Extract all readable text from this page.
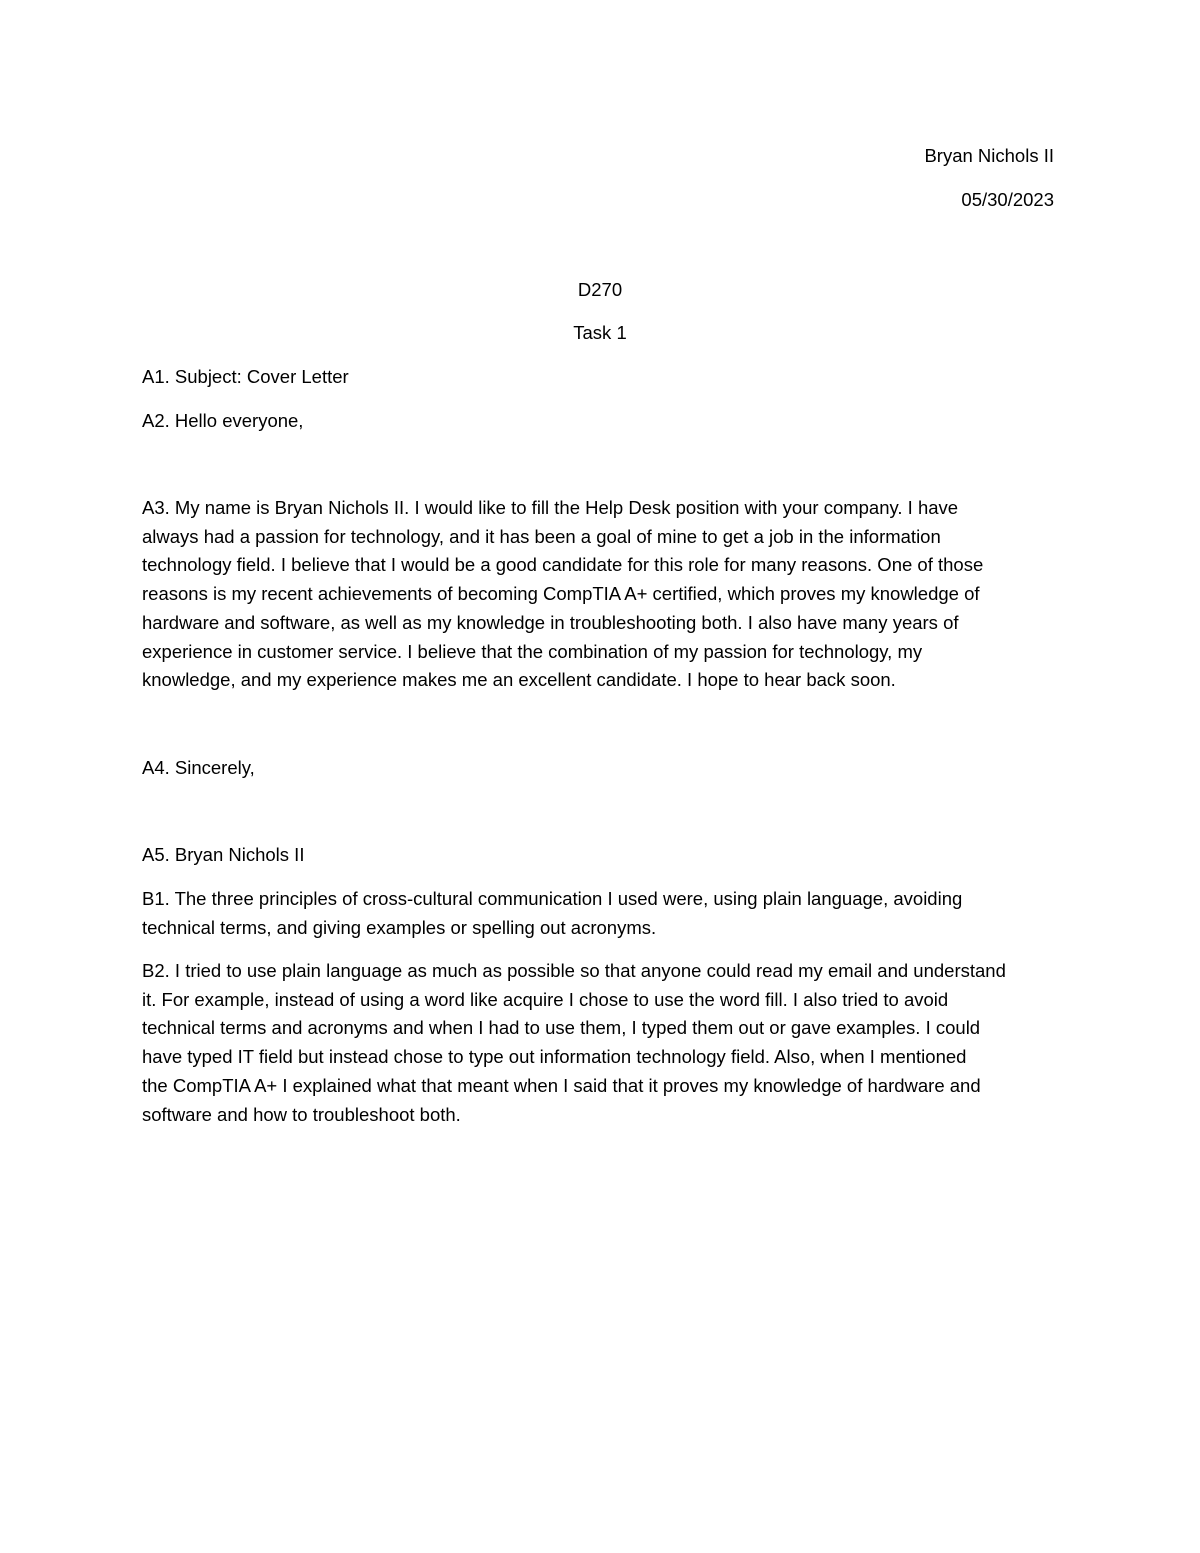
Bryan Nichols II

05/30/2023

D270

Task 1

A1. Subject: Cover Letter

A2. Hello everyone,

A3. My name is Bryan Nichols II. I would like to fill the Help Desk position with your company. I have
always had a passion for technology, and it has been a goal of mine to get a job in the information
technology field. I believe that I would be a good candidate for this role for many reasons. One of those
reasons is my recent achievements of becoming CompTIA A+ certified, which proves my knowledge of
hardware and software, as well as my knowledge in troubleshooting both. I also have many years of
experience in customer service. I believe that the combination of my passion for technology, my
knowledge, and my experience makes me an excellent candidate. I hope to hear back soon.

A4. Sincerely,

A5. Bryan Nichols II

B1. The three principles of cross-cultural communication I used were, using plain language, avoiding
technical terms, and giving examples or spelling out acronyms.
B2. I tried to use plain language as much as possible so that anyone could read my email and understand
it. For example, instead of using a word like acquire I chose to use the word fill. I also tried to avoid
technical terms and acronyms and when I had to use them, I typed them out or gave examples. I could
have typed IT field but instead chose to type out information technology field. Also, when I mentioned
the CompTIA A+ I explained what that meant when I said that it proves my knowledge of hardware and
software and how to troubleshoot both.
